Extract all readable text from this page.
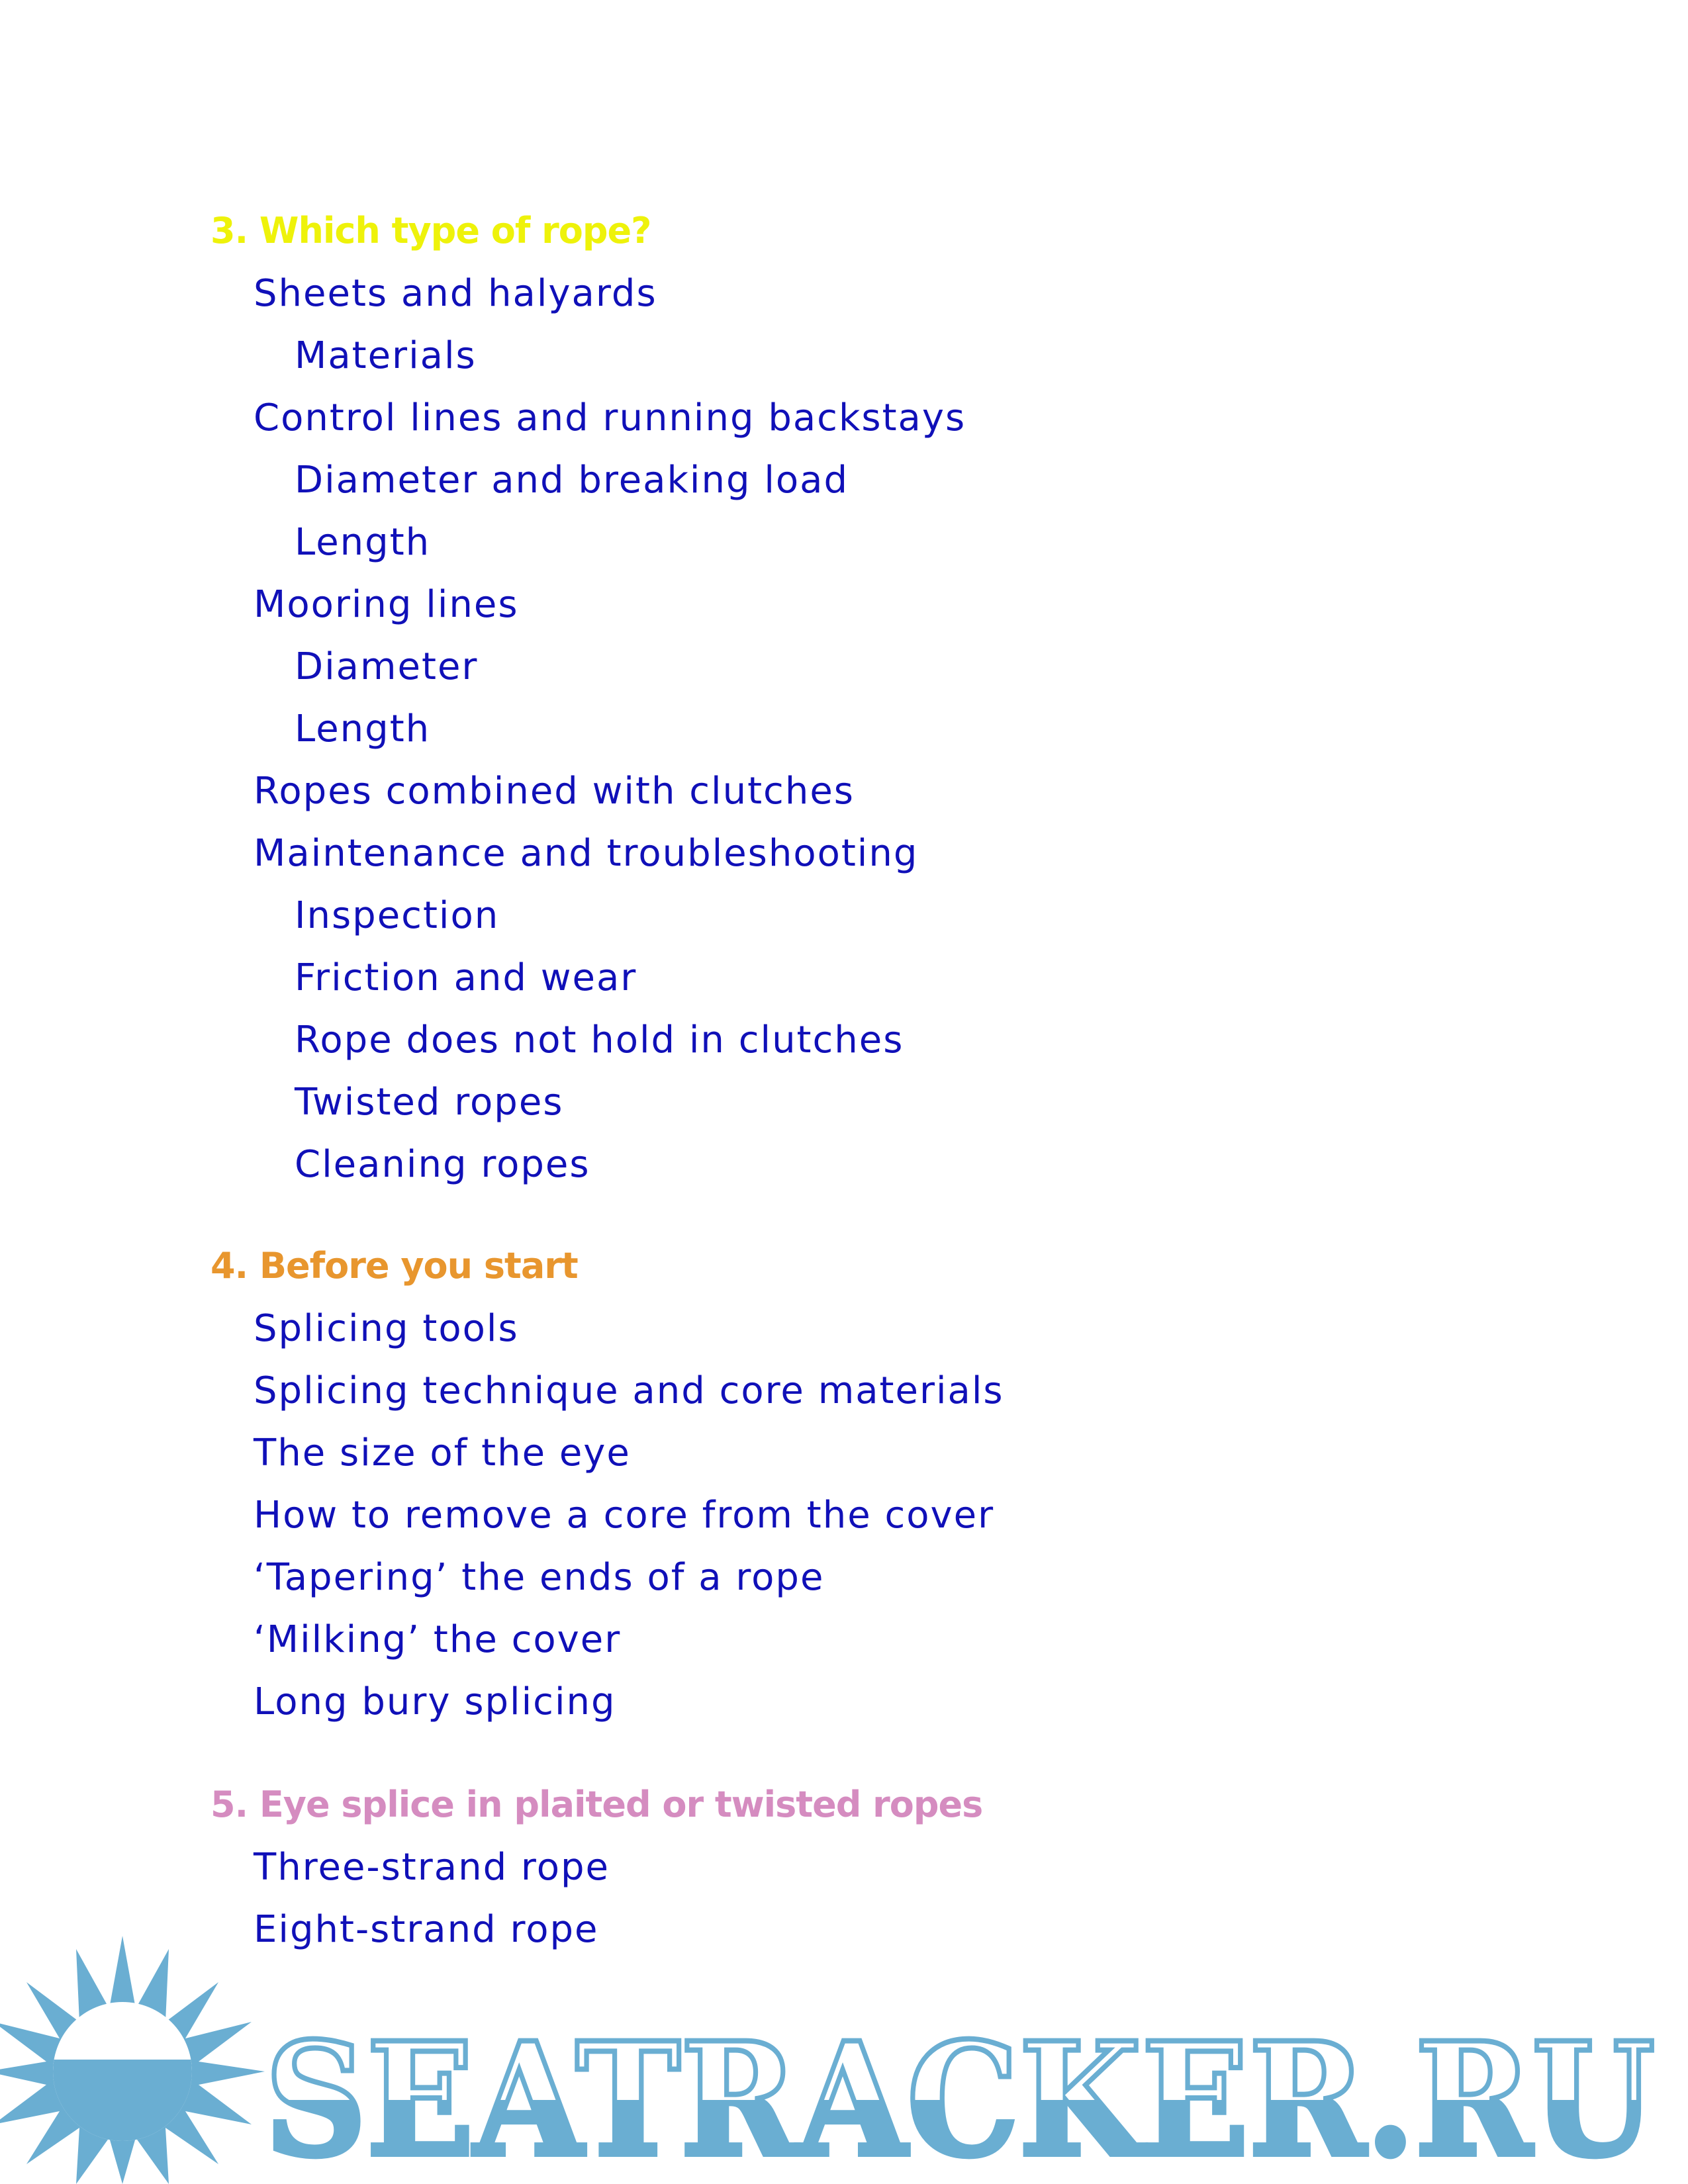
3. Which type of rope?
Sheets and halyards
Materials
Control lines and running backstays
Diameter and breaking load
Length
Mooring lines
Diameter
Length
Ropes combined with clutches
Maintenance and troubleshooting
Inspection
Friction and wear
Rope does not hold in clutches
Twisted ropes
Cleaning ropes
4. Before you start
Splicing tools
Splicing technique and core materials
The size of the eye
How to remove a core from the cover
‘Tapering’ the ends of a rope
‘Milking’ the cover
Long bury splicing
5. Eye splice in plaited or twisted ropes
Three-strand rope
Eight-strand rope
SEATRACKER.RU
